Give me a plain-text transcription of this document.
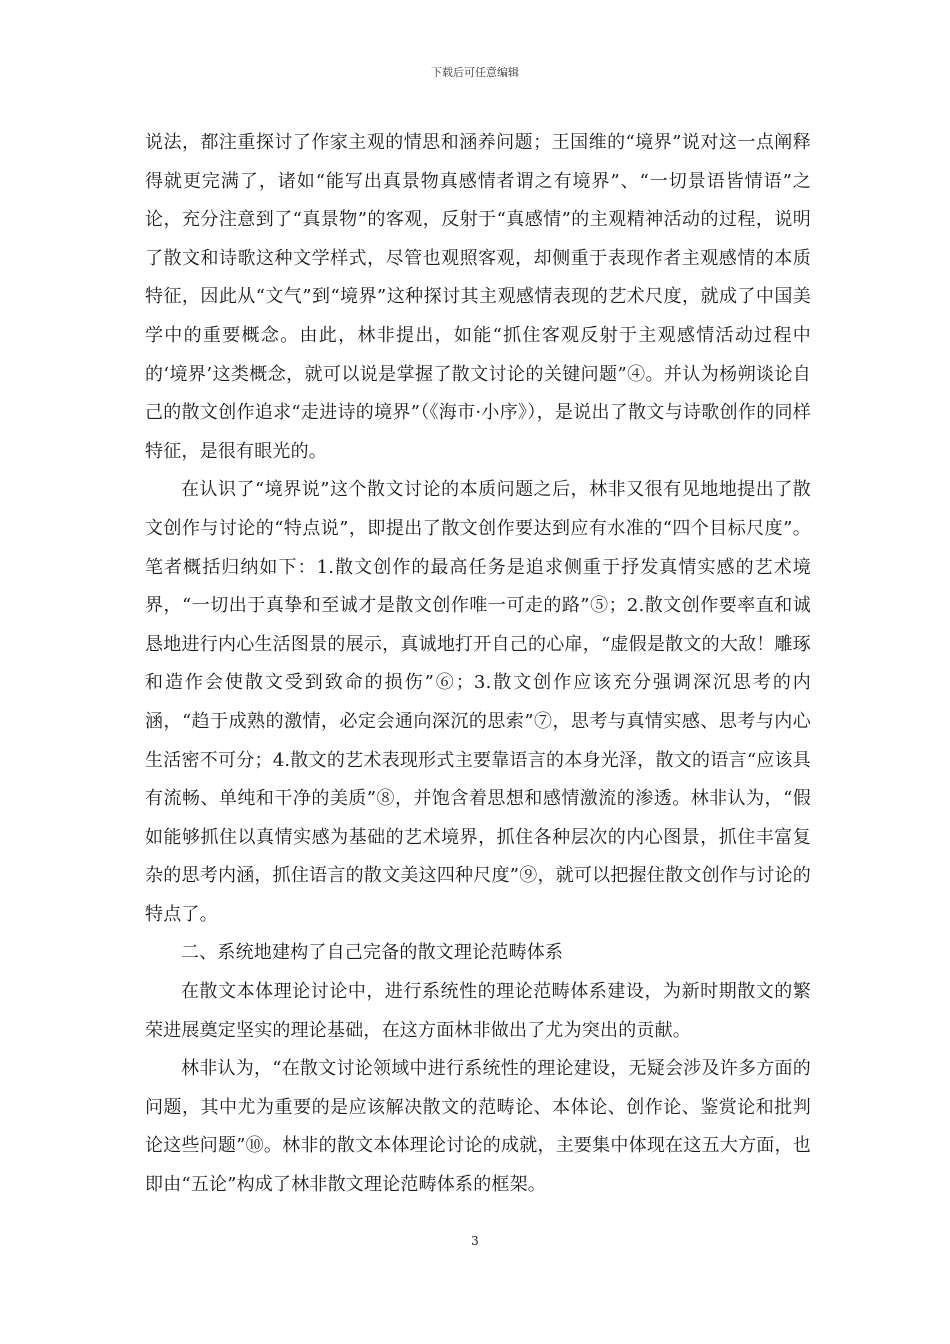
下载后可任意编辑

说法，都注重探讨了作家主观的情思和涵养问题；王国维的“境界”说对这一点阐释得就更完满了，诸如“能写出真景物真感情者谓之有境界”、“一切景语皆情语”之论，充分注意到了“真景物”的客观，反射于“真感情”的主观精神活动的过程，说明了散文和诗歌这种文学样式，尽管也观照客观，却侧重于表现作者主观感情的本质特征，因此从“文气”到“境界”这种探讨其主观感情表现的艺术尺度，就成了中国美学中的重要概念。由此，林非提出，如能“抓住客观反射于主观感情活动过程中的‘境界’这类概念，就可以说是掌握了散文讨论的关键问题”④。并认为杨朔谈论自己的散文创作追求“走进诗的境界”（《海市·小序》），是说出了散文与诗歌创作的同样特征，是很有眼光的。

在认识了“境界说”这个散文讨论的本质问题之后，林非又很有见地地提出了散文创作与讨论的“特点说”，即提出了散文创作要达到应有水准的“四个目标尺度”。笔者概括归纳如下：1.散文创作的最高任务是追求侧重于抒发真情实感的艺术境界，“一切出于真挚和至诚才是散文创作唯一可走的路”⑤；2.散文创作要率直和诚恳地进行内心生活图景的展示，真诚地打开自己的心扉，“虚假是散文的大敌！雕琢和造作会使散文受到致命的损伤”⑥；3.散文创作应该充分强调深沉思考的内涵，“趋于成熟的激情，必定会通向深沉的思索”⑦，思考与真情实感、思考与内心生活密不可分；4.散文的艺术表现形式主要靠语言的本身光泽，散文的语言“应该具有流畅、单纯和干净的美质”⑧，并饱含着思想和感情激流的渗透。林非认为，“假如能够抓住以真情实感为基础的艺术境界，抓住各种层次的内心图景，抓住丰富复杂的思考内涵，抓住语言的散文美这四种尺度”⑨，就可以把握住散文创作与讨论的特点了。

二、系统地建构了自己完备的散文理论范畴体系

在散文本体理论讨论中，进行系统性的理论范畴体系建设，为新时期散文的繁荣进展奠定坚实的理论基础，在这方面林非做出了尤为突出的贡献。

林非认为，“在散文讨论领域中进行系统性的理论建设，无疑会涉及许多方面的问题，其中尤为重要的是应该解决散文的范畴论、本体论、创作论、鉴赏论和批判论这些问题”⑩。林非的散文本体理论讨论的成就，主要集中体现在这五大方面，也即由“五论”构成了林非散文理论范畴体系的框架。

3
